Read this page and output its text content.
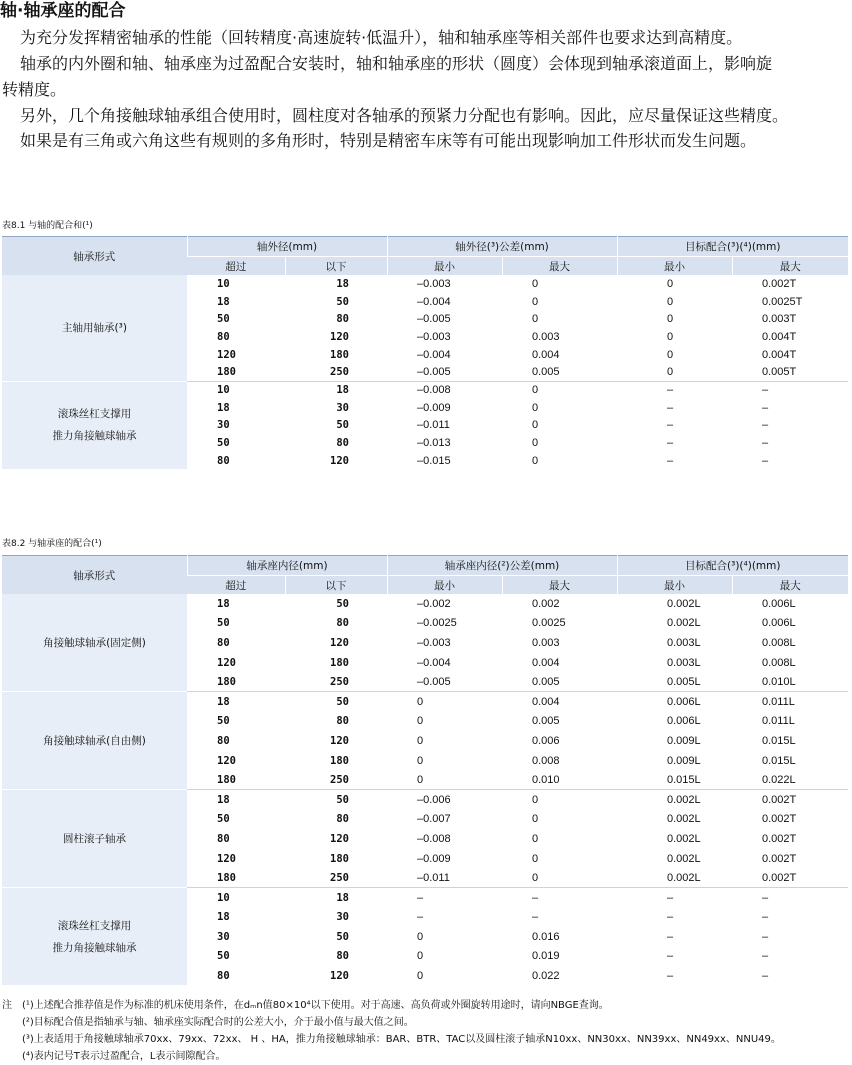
轴·轴承座的配合
为充分发挥精密轴承的性能（回转精度·高速旋转·低温升），轴和轴承座等相关部件也要求达到高精度。
轴承的内外圈和轴、轴承座为过盈配合安装时，轴和轴承座的形状（圆度）会体现到轴承滚道面上，影响旋
转精度。
另外，几个角接触球轴承组合使用时，圆柱度对各轴承的预紧力分配也有影响。因此，应尽量保证这些精度。
如果是有三角或六角这些有规则的多角形时，特别是精密车床等有可能出现影响加工件形状而发生问题。
表8.1 与轴的配合和(¹)
轴承形式	轴外径(mm)		轴外径(³)公差(mm)		目标配合(³)(⁴)(mm)	
	超过	以下	最小	最大	最小	最大

主轴用轴承(³)	10	18	–0.003	0	0	0.002T
	18	50	–0.004	0	0	0.0025T
	50	80	–0.005	0	0	0.003T
	80	120	–0.003	0.003	0	0.004T
	120	180	–0.004	0.004	0	0.004T
	180	250	–0.005	0.005	0	0.005T

滚珠丝杠支撑用
推力角接触球轴承	10	18	–0.008	0	–	–
	18	30	–0.009	0	–	–
	30	50	–0.011	0	–	–
	50	80	–0.013	0	–	–
	80	120	–0.015	0	–	–
表8.2 与轴承座的配合(¹)
轴承形式	轴承座内径(mm)		轴承座内径(²)公差(mm)		目标配合(³)(⁴)(mm)	
	超过	以下	最小	最大	最小	最大

角接触球轴承(固定侧)	18	50	–0.002	0.002	0.002L	0.006L
	50	80	–0.0025	0.0025	0.002L	0.006L
	80	120	–0.003	0.003	0.003L	0.008L
	120	180	–0.004	0.004	0.003L	0.008L
	180	250	–0.005	0.005	0.005L	0.010L

角接触球轴承(自由侧)	18	50	0	0.004	0.006L	0.011L
	50	80	0	0.005	0.006L	0.011L
	80	120	0	0.006	0.009L	0.015L
	120	180	0	0.008	0.009L	0.015L
	180	250	0	0.010	0.015L	0.022L

圆柱滚子轴承	18	50	–0.006	0	0.002L	0.002T
	50	80	–0.007	0	0.002L	0.002T
	80	120	–0.008	0	0.002L	0.002T
	120	180	–0.009	0	0.002L	0.002T
	180	250	–0.011	0	0.002L	0.002T

滚珠丝杠支撑用
推力角接触球轴承	10	18	–	–	–	–
	18	30	–	–	–	–
	30	50	0	0.016	–	–
	50	80	0	0.019	–	–
	80	120	0	0.022	–	–
注 (¹)上述配合推荐值是作为标准的机床使用条件，在dₘn值80×10⁴以下使用。对于高速、高负荷或外圈旋转用途时，请向NBGE查询。
(²)目标配合值是指轴承与轴、轴承座实际配合时的公差大小，介于最小值与最大值之间。
(³)上表适用于角接触球轴承70xx、79xx、72xx、 H 、HA，推力角接触球轴承：BAR、BTR、TAC以及圆柱滚子轴承N10xx、NN30xx、NN39xx、NN49xx、NNU49。
(⁴)表内记号T表示过盈配合，L表示间隙配合。
